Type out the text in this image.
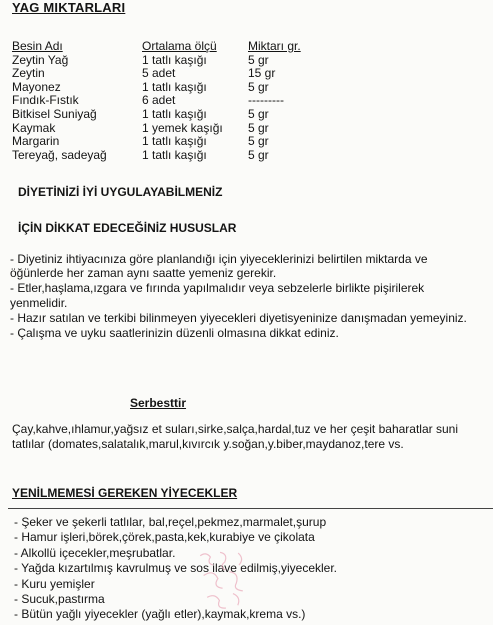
YAG MIKTARLARI
Besin Adı	Ortalama ölçü	Miktarı gr.
Zeytin Yağ	1 tatlı kaşığı	5 gr
Zeytin	5 adet	15 gr
Mayonez	1 tatlı kaşığı	5 gr
Fındık-Fıstık	6 adet	---------
Bitkisel Suniyağ	1 tatlı kaşığı	5 gr
Kaymak	1 yemek kaşığı	5 gr
Margarin	1 tatlı kaşığı	5 gr
Tereyağ, sadeyağ	1 tatlı kaşığı	5 gr
DİYETİNİZİ İYİ UYGULAYABİLMENİZ
İÇİN DİKKAT EDECEĞİNİZ HUSUSLAR

- Diyetiniz ihtiyacınıza göre planlandığı için yiyeceklerinizi belirtilen miktarda ve öğünlerde her zaman aynı saatte yemeniz gerekir.

- Etler,haşlama,ızgara ve fırında yapılmalıdır veya sebzelerle birlikte pişirilerek yenmelidir.

- Hazır satılan ve terkibi bilinmeyen yiyecekleri diyetisyeninize danışmadan yemeyiniz.

- Çalışma ve uyku saatlerinizin düzenli olmasına dikkat ediniz.

Serbesttir

Çay,kahve,ıhlamur,yağsız et suları,sirke,salça,hardal,tuz ve her çeşit baharatlar suni tatlılar (domates,salatalık,marul,kıvırcık y.soğan,y.biber,maydanoz,tere vs.

YENİLMEMESİ GEREKEN YİYECEKLER
- Şeker ve şekerli tatlılar, bal,reçel,pekmez,marmalet,şurup
- Hamur işleri,börek,çörek,pasta,kek,kurabiye ve çikolata
- Alkollü içecekler,meşrubatlar.
- Yağda kızartılmış kavrulmuş ve sos ilave edilmiş,yiyecekler.
- Kuru yemişler
- Sucuk,pastırma
- Bütün yağlı yiyecekler (yağlı etler),kaymak,krema vs.)
